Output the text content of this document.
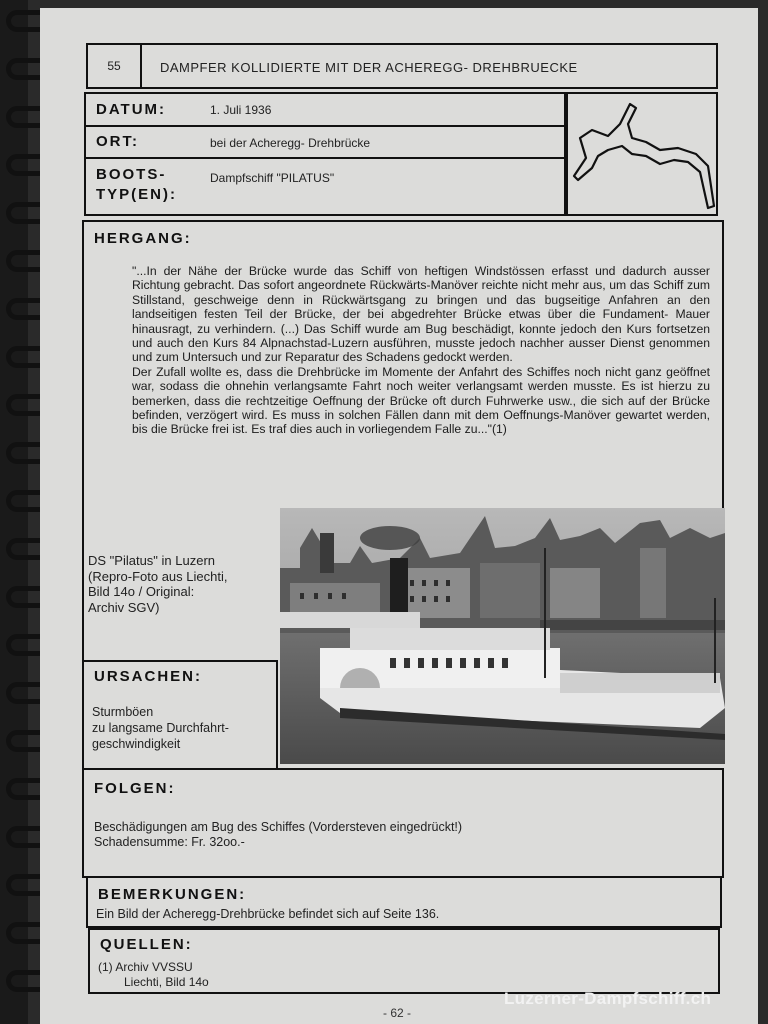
55	DAMPFER KOLLIDIERTE MIT DER ACHEREGG- DREHBRUECKE
DATUM:	1. Juli 1936
ORT:	bei der Acheregg- Drehbrücke
BOOTS-
TYP(EN):
Dampfschiff "PILATUS"
HERGANG:

"...In der Nähe der Brücke wurde das Schiff von heftigen Windstössen erfasst und dadurch ausser Richtung gebracht. Das sofort angeordnete Rückwärts-Manöver reichte nicht mehr aus, um das Schiff zum Stillstand, geschweige denn in Rückwärtsgang zu bringen und das bugseitige Anfahren an den landseitigen festen Teil der Brücke, der bei abgedrehter Brücke etwas über die Fundament- Mauer hinausragt, zu verhindern. (...) Das Schiff wurde am Bug beschädigt, konnte jedoch den Kurs fortsetzen und auch den Kurs 84 Alpnachstad-Luzern ausführen, musste jedoch nachher ausser Dienst genommen und zum Untersuch und zur Reparatur des Schadens gedockt werden.

Der Zufall wollte es, dass die Drehbrücke im Momente der Anfahrt des Schiffes noch nicht ganz geöffnet war, sodass die ohnehin verlangsamte Fahrt noch weiter verlangsamt werden musste. Es ist hierzu zu bemerken, dass die rechtzeitige Oeffnung der Brücke oft durch Fuhrwerke usw., die sich auf der Brücke befinden, verzögert wird. Es muss in solchen Fällen dann mit dem Oeffnungs-Manöver gewartet werden, bis die Brücke frei ist. Es traf dies auch in vorliegendem Falle zu..."(1)

DS "Pilatus" in Luzern
(Repro-Foto aus Liechti,
Bild 14o / Original:
Archiv SGV)
URSACHEN:
Sturmböen
zu langsame Durchfahrt-
geschwindigkeit
FOLGEN:
Beschädigungen am Bug des Schiffes (Vordersteven eingedrückt!)
Schadensumme: Fr. 32oo.-
BEMERKUNGEN:
Ein Bild der Acheregg-Drehbrücke befindet sich auf Seite 136.
QUELLEN:
(1) Archiv VVSSU
Liechti, Bild 14o
- 62 -
Luzerner-Dampfschiff.ch
